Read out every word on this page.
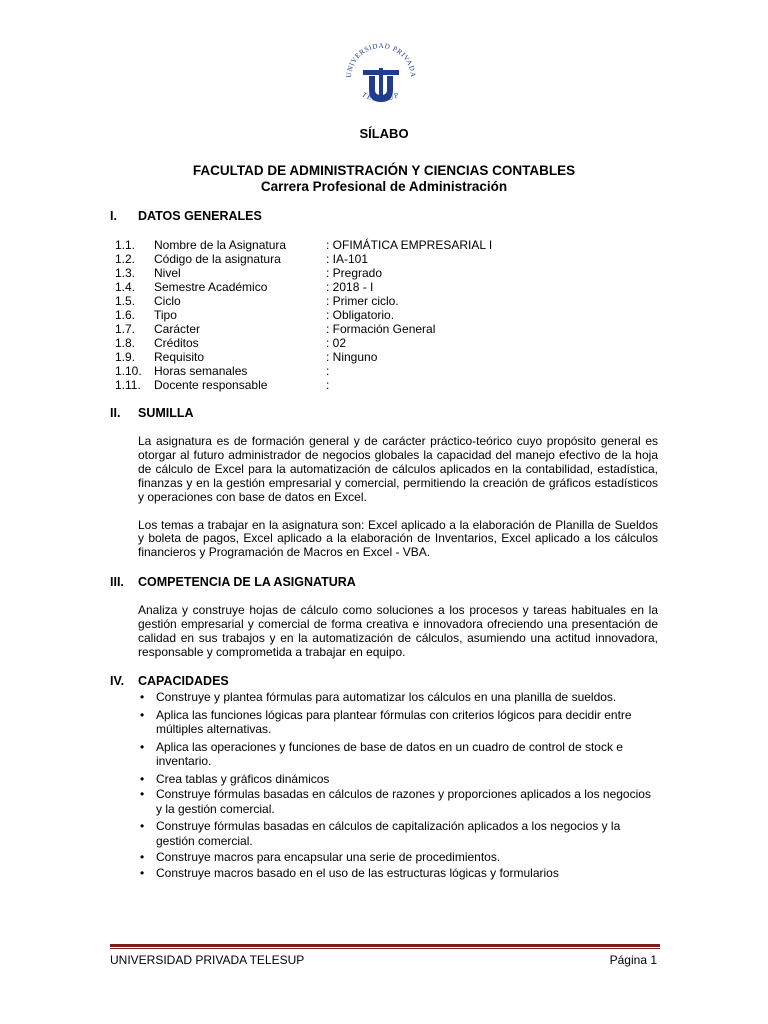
UNIVERSIDAD PRIVADA
TELESUP
SÍLABO
FACULTAD DE ADMINISTRACIÓN Y CIENCIAS CONTABLES
Carrera Profesional de Administración
I. DATOS GENERALES
1.1. Nombre de la Asignatura	: OFIMÁTICA EMPRESARIAL I
1.2. Código de la asignatura	: IA-101
1.3. Nivel	: Pregrado
1.4. Semestre Académico	: 2018 - I
1.5. Ciclo	: Primer ciclo.
1.6. Tipo	: Obligatorio.
1.7. Carácter	: Formación General
1.8. Créditos	: 02
1.9. Requisito	: Ninguno
1.10. Horas semanales	:
1.11. Docente responsable	:
II. SUMILLA

La asignatura es de formación general y de carácter práctico-teórico cuyo propósito general es otorgar al futuro administrador de negocios globales la capacidad del manejo efectivo de la hoja de cálculo de Excel para la automatización de cálculos aplicados en la contabilidad, estadística, finanzas y en la gestión empresarial y comercial, permitiendo la creación de gráficos estadísticos y operaciones con base de datos en Excel.

Los temas a trabajar en la asignatura son: Excel aplicado a la elaboración de Planilla de Sueldos y boleta de pagos, Excel aplicado a la elaboración de Inventarios, Excel aplicado a los cálculos financieros y Programación de Macros en Excel - VBA.

III. COMPETENCIA DE LA ASIGNATURA

Analiza y construye hojas de cálculo como soluciones a los procesos y tareas habituales en la gestión empresarial y comercial de forma creativa e innovadora ofreciendo una presentación de calidad en sus trabajos y en la automatización de cálculos, asumiendo una actitud innovadora, responsable y comprometida a trabajar en equipo.

IV. CAPACIDADES
• Construye y plantea fórmulas para automatizar los cálculos en una planilla de sueldos.
• Aplica las funciones lógicas para plantear fórmulas con criterios lógicos para decidir entre múltiples alternativas.
• Aplica las operaciones y funciones de base de datos en un cuadro de control de stock e inventario.
• Crea tablas y gráficos dinámicos
• Construye fórmulas basadas en cálculos de razones y proporciones aplicados a los negocios y la gestión comercial.
• Construye fórmulas basadas en cálculos de capitalización aplicados a los negocios y la gestión comercial.
• Construye macros para encapsular una serie de procedimientos.
• Construye macros basado en el uso de las estructuras lógicas y formularios
UNIVERSIDAD PRIVADA TELESUP	Página 1
